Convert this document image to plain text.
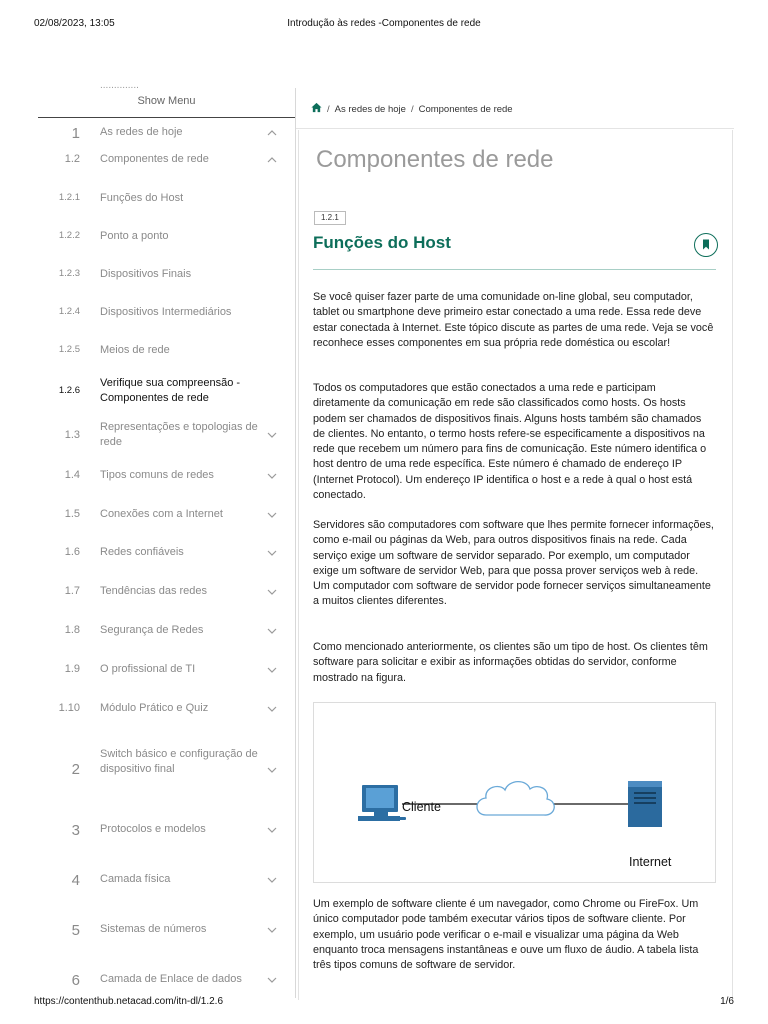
02/08/2023, 13:05	Introdução às redes -Componentes de rede
..............
Show Menu
1 As redes de hoje
1.2 Componentes de rede
1.2.1 Funções do Host
1.2.2 Ponto a ponto
1.2.3 Dispositivos Finais
1.2.4 Dispositivos Intermediários
1.2.5 Meios de rede
1.2.6
Verifique sua compreensão - Componentes de rede
1.3
Representações e topologias de rede
1.4 Tipos comuns de redes
1.5 Conexões com a Internet
1.6 Redes confiáveis
1.7 Tendências das redes
1.8 Segurança de Redes
1.9 O profissional de TI
1.10 Módulo Prático e Quiz
2
Switch básico e configuração de dispositivo final
3 Protocolos e modelos
4 Camada física
5 Sistemas de números
6 Camada de Enlace de dados
/ As redes de hoje / Componentes de rede
Componentes de rede
1.2.1
Funções do Host

Se você quiser fazer parte de uma comunidade on-line global, seu computador, tablet ou smartphone deve primeiro estar conectado a uma rede. Essa rede deve estar conectada à Internet. Este tópico discute as partes de uma rede. Veja se você reconhece esses componentes em sua própria rede doméstica ou escolar!

Todos os computadores que estão conectados a uma rede e participam diretamente da comunicação em rede são classificados como hosts. Os hosts podem ser chamados de dispositivos finais. Alguns hosts também são chamados de clientes. No entanto, o termo hosts refere-se especificamente a dispositivos na rede que recebem um número para fins de comunicação. Este número identifica o host dentro de uma rede específica. Este número é chamado de endereço IP (Internet Protocol). Um endereço IP identifica o host e a rede à qual o host está conectado.

Servidores são computadores com software que lhes permite fornecer informações, como e-mail ou páginas da Web, para outros dispositivos finais na rede. Cada serviço exige um software de servidor separado. Por exemplo, um computador exige um software de servidor Web, para que possa prover serviços web à rede. Um computador com software de servidor pode fornecer serviços simultaneamente a muitos clientes diferentes.

Como mencionado anteriormente, os clientes são um tipo de host. Os clientes têm software para solicitar e exibir as informações obtidas do servidor, conforme mostrado na figura.

Cliente
Internet

Um exemplo de software cliente é um navegador, como Chrome ou FireFox. Um único computador pode também executar vários tipos de software cliente. Por exemplo, um usuário pode verificar o e-mail e visualizar uma página da Web enquanto troca mensagens instantâneas e ouve um fluxo de áudio. A tabela lista três tipos comuns de software de servidor.

https://contenthub.netacad.com/itn-dl/1.2.6	1/6
